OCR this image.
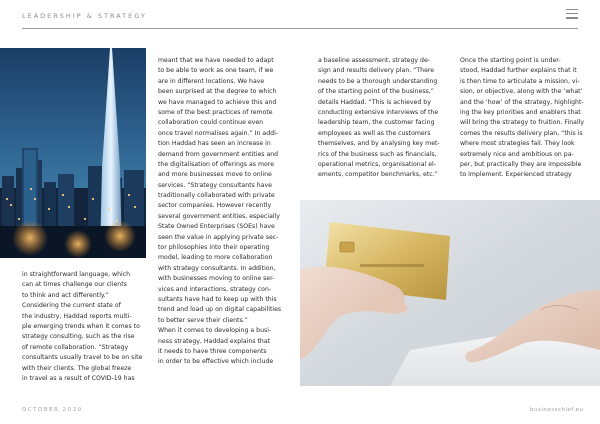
LEADERSHIP & STRATEGY
in straightforward language, which
can at times challenge our clients
to think and act differently.”
Considering the current state of
the industry, Haddad reports multi-
ple emerging trends when it comes to
strategy consulting, such as the rise
of remote collaboration. “Strategy
consultants usually travel to be on site
with their clients. The global freeze
in travel as a result of COVID-19 has
meant that we have needed to adapt
to be able to work as one team, if we
are in different locations. We have
been surprised at the degree to which
we have managed to achieve this and
some of the best practices of remote
collaboration could continue even
once travel normalises again.” In addi-
tion Haddad has seen an increase in
demand from government entities and
the digitalisation of offerings as more
and more businesses move to online
services. “Strategy consultants have
traditionally collaborated with private
sector companies. However recently
several government entities, especially
State Owned Enterprises (SOEs) have
seen the value in applying private sec-
tor philosophies into their operating
model, leading to more collaboration
with strategy consultants. In addition,
with businesses moving to online ser-
vices and interactions, strategy con-
sultants have had to keep up with this
trend and load up on digital capabilities
to better serve their clients.”
When it comes to developing a busi-
ness strategy, Haddad explains that
it needs to have three components
in order to be effective which include
a baseline assessment, strategy de-
sign and results delivery plan. “There
needs to be a thorough understanding
of the starting point of the business,”
details Haddad. “This is achieved by
conducting extensive interviews of the
leadership team, the customer facing
employees as well as the customers
themselves, and by analysing key met-
rics of the business such as financials,
operational metrics, organisational el-
ements, competitor benchmarks, etc.”
Once the starting point is under-
stood, Haddad further explains that it
is then time to articulate a mission, vi-
sion, or objective, along with the ‘what’
and the ‘how’ of the strategy, highlight-
ing the key priorities and enablers that
will bring the strategy to fruition. Finally
comes the results delivery plan, “this is
where most strategies fail. They look
extremely nice and ambitious on pa-
per, but practically they are impossible
to implement. Experienced strategy
OCTOBER 2020	businesschief.eu
